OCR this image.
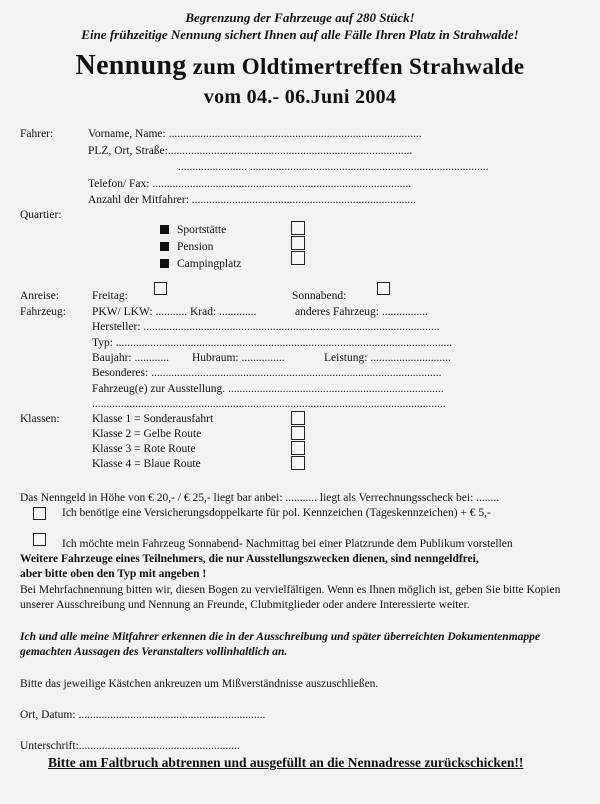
Begrenzung der Fahrzeuge auf 280 Stück!
Eine frühzeitige Nennung sichert Ihnen auf alle Fälle Ihren Platz in Strahwalde!
Nennung zum Oldtimertreffen Strahwalde
vom 04.- 06.Juni 2004
Fahrer:	Vorname, Name: ........................................................................................
PLZ, Ort, Straße:.....................................................................................
........................ ...................................................................................
Telefon/ Fax: ..........................................................................................
Anzahl der Mitfahrer: ..............................................................................
Quartier:
Sportstätte
Pension
Campingplatz
Anreise:	Freitag:	Sonnabend:
Fahrzeug: PKW/ LKW: ........... Krad: .............	anderes Fahrzeug: ................
Hersteller: .......................................................................................................
Typ: .....................................................................................................................
Baujahr: ............ Hubraum: ...............	Leistung: ............................
Besonderes: .....................................................................................................
Fahrzeug(e) zur Ausstellung. ...........................................................................
...........................................................................................................................
Klassen:	Klasse 1 = Sonderausfahrt
Klasse 2 = Gelbe Route
Klasse 3 = Rote Route
Klasse 4 = Blaue Route
Das Nenngeld in Höhe von € 20,- / € 25,- liegt bar anbei: ........... liegt als Verrechnungsscheck bei: ........
Ich benötige eine Versicherungsdoppelkarte für pol. Kennzeichen (Tageskennzeichen) + € 5,-
Ich möchte mein Fahrzeug Sonnabend- Nachmittag bei einer Platzrunde dem Publikum vorstellen
Weitere Fahrzeuge eines Teilnehmers, die nur Ausstellungszwecken dienen, sind nenngeldfrei,
aber bitte oben den Typ mit angeben !
Bei Mehrfachnennung bitten wir, diesen Bogen zu vervielfältigen. Wenn es Ihnen möglich ist, geben Sie bitte Kopien unserer Ausschreibung und Nennung an Freunde, Clubmitglieder oder andere Interessierte weiter.
Ich und alle meine Mitfahrer erkennen die in der Ausschreibung und später überreichten Dokumentenmappe gemachten Aussagen des Veranstalters vollinhaltlich an.
Bitte das jeweilige Kästchen ankreuzen um Mißverständnisse auszuschließen.
Ort, Datum: .................................................................
Unterschrift:........................................................
Bitte am Faltbruch abtrennen und ausgefüllt an die Nennadresse zurückschicken!!
